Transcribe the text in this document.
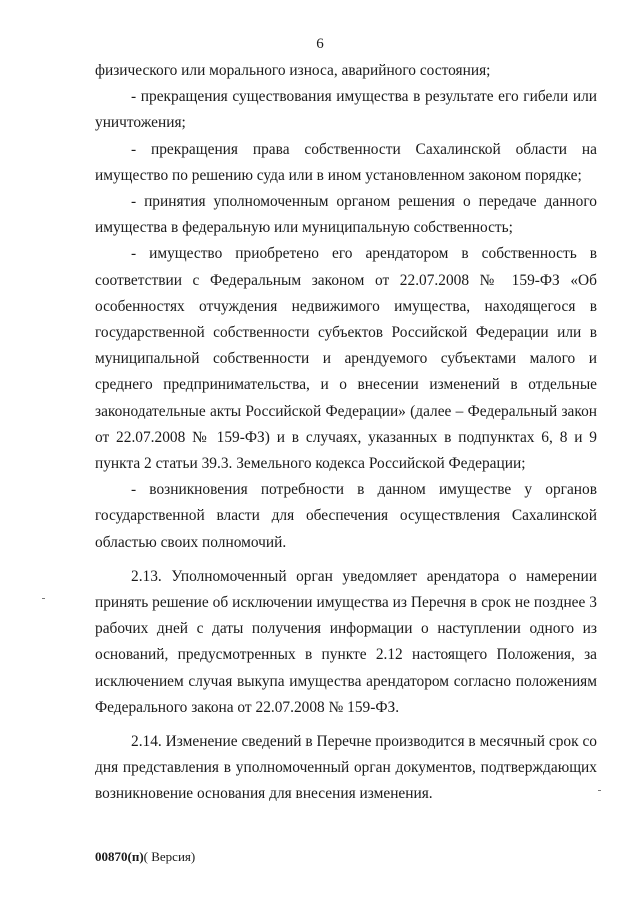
6

физического или морального износа, аварийного состояния;

- прекращения существования имущества в результате его гибели или уничтожения;

- прекращения права собственности Сахалинской области на имущество по решению суда или в ином установленном законом порядке;

- принятия уполномоченным органом решения о передаче данного имущества в федеральную или муниципальную собственность;

- имущество приобретено его арендатором в собственность в соответствии с Федеральным законом от 22.07.2008 № 159-ФЗ «Об особенностях отчуждения недвижимого имущества, находящегося в государственной собственности субъектов Российской Федерации или в муниципальной собственности и арендуемого субъектами малого и среднего предпринимательства, и о внесении изменений в отдельные законодательные акты Российской Федерации» (далее – Федеральный закон от 22.07.2008 № 159-ФЗ) и в случаях, указанных в подпунктах 6, 8 и 9 пункта 2 статьи 39.3. Земельного кодекса Российской Федерации;

- возникновения потребности в данном имуществе у органов государственной власти для обеспечения осуществления Сахалинской областью своих полномочий.

2.13. Уполномоченный орган уведомляет арендатора о намерении принять решение об исключении имущества из Перечня в срок не позднее 3 рабочих дней с даты получения информации о наступлении одного из оснований, предусмотренных в пункте 2.12 настоящего Положения, за исключением случая выкупа имущества арендатором согласно положениям Федерального закона от 22.07.2008 № 159-ФЗ.

2.14. Изменение сведений в Перечне производится в месячный срок со дня представления в уполномоченный орган документов, подтверждающих возникновение основания для внесения изменения.

00870(п)( Версия)
